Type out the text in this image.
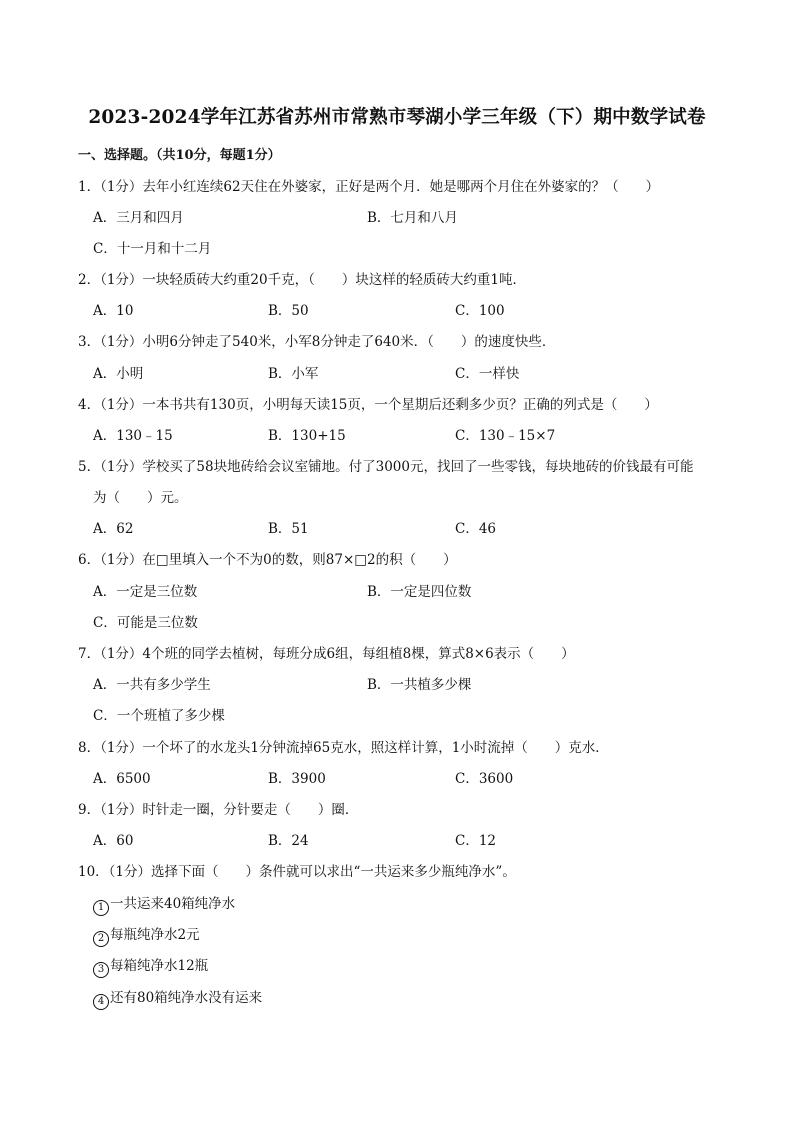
2023-2024学年江苏省苏州市常熟市琴湖小学三年级（下）期中数学试卷
一、选择题。（共10分，每题1分）
1．（1分）去年小红连续62天住在外婆家，正好是两个月．她是哪两个月住在外婆家的？（　　）
A．三月和四月	B．七月和八月
C．十一月和十二月
2．（1分）一块轻质砖大约重20千克，（　　）块这样的轻质砖大约重1吨．
A．10	B．50	C．100
3．（1分）小明6分钟走了540米，小军8分钟走了640米．（　　）的速度快些．
A．小明	B．小军	C．一样快
4．（1分）一本书共有130页，小明每天读15页，一个星期后还剩多少页？正确的列式是（　　）
A．130﹣15	B．130+15	C．130﹣15×7
5．（1分）学校买了58块地砖给会议室铺地。付了3000元，找回了一些零钱，每块地砖的价钱最有可能
为（　　）元。
A．62	B．51	C．46
6．（1分）在□里填入一个不为0的数，则87×□2的积（　　）
A．一定是三位数	B．一定是四位数
C．可能是三位数
7．（1分）4个班的同学去植树，每班分成6组，每组植8棵，算式8×6表示（　　）
A．一共有多少学生	B．一共植多少棵
C．一个班植了多少棵
8．（1分）一个坏了的水龙头1分钟流掉65克水，照这样计算，1小时流掉（　　）克水．
A．6500	B．3900	C．3600
9．（1分）时针走一圈，分针要走（　　）圈．
A．60	B．24	C．12
10．（1分）选择下面（　　）条件就可以求出“一共运来多少瓶纯净水”。
1 一共运来40箱纯净水
2 每瓶纯净水2元
3 每箱纯净水12瓶
4 还有80箱纯净水没有运来
